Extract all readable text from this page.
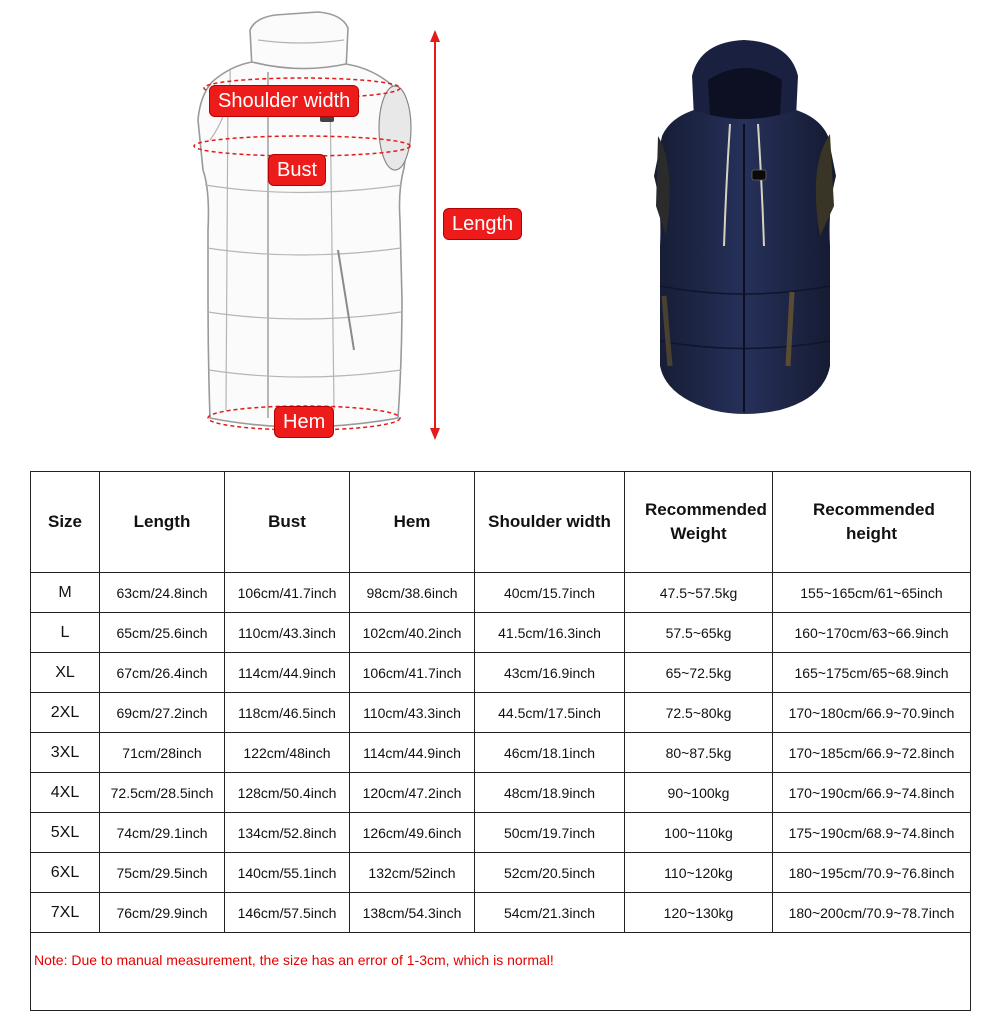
Shoulder width
Bust
Length
Hem
Size	Length	Bust	Hem	Shoulder width	Recommended Weight	Recommended height
M	63cm/24.8inch	106cm/41.7inch	98cm/38.6inch	40cm/15.7inch	47.5~57.5kg	155~165cm/61~65inch
L	65cm/25.6inch	110cm/43.3inch	102cm/40.2inch	41.5cm/16.3inch	57.5~65kg	160~170cm/63~66.9inch
XL	67cm/26.4inch	114cm/44.9inch	106cm/41.7inch	43cm/16.9inch	65~72.5kg	165~175cm/65~68.9inch
2XL	69cm/27.2inch	118cm/46.5inch	110cm/43.3inch	44.5cm/17.5inch	72.5~80kg	170~180cm/66.9~70.9inch
3XL	71cm/28inch	122cm/48inch	114cm/44.9inch	46cm/18.1inch	80~87.5kg	170~185cm/66.9~72.8inch
4XL	72.5cm/28.5inch	128cm/50.4inch	120cm/47.2inch	48cm/18.9inch	90~100kg	170~190cm/66.9~74.8inch
5XL	74cm/29.1inch	134cm/52.8inch	126cm/49.6inch	50cm/19.7inch	100~110kg	175~190cm/68.9~74.8inch
6XL	75cm/29.5inch	140cm/55.1inch	132cm/52inch	52cm/20.5inch	110~120kg	180~195cm/70.9~76.8inch
7XL	76cm/29.9inch	146cm/57.5inch	138cm/54.3inch	54cm/21.3inch	120~130kg	180~200cm/70.9~78.7inch
Note: Due to manual measurement, the size has an error of 1-3cm, which is normal!						
